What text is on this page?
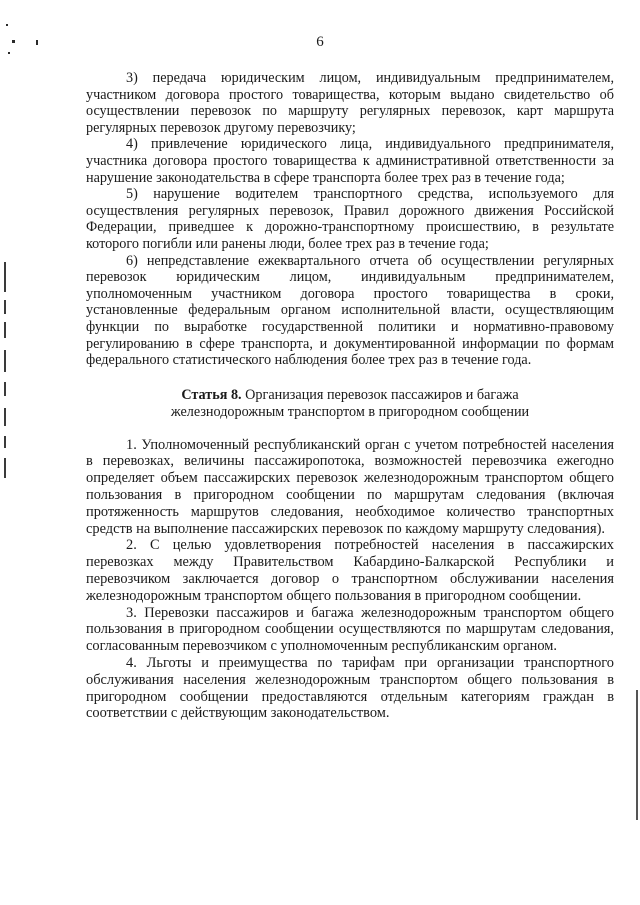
6

3) передача юридическим лицом, индивидуальным предпринимателем, участником договора простого товарищества, которым выдано свидетельство об осуществлении перевозок по маршруту регулярных перевозок, карт маршрута регулярных перевозок другому перевозчику;

4) привлечение юридического лица, индивидуального предпринимателя, участника договора простого товарищества к административной ответственности за нарушение законодательства в сфере транспорта более трех раз в течение года;

5) нарушение водителем транспортного средства, используемого для осуществления регулярных перевозок, Правил дорожного движения Российской Федерации, приведшее к дорожно-транспортному происшествию, в результате которого погибли или ранены люди, более трех раз в течение года;

6) непредставление ежеквартального отчета об осуществлении регулярных перевозок юридическим лицом, индивидуальным предпринимателем, уполномоченным участником договора простого товарищества в сроки, установленные федеральным органом исполнительной власти, осуществляющим функции по выработке государственной политики и нормативно-правовому регулированию в сфере транспорта, и документированной информации по формам федерального статистического наблюдения более трех раз в течение года.

Статья 8. Организация перевозок пассажиров и багажа железнодорожным транспортом в пригородном сообщении

1. Уполномоченный республиканский орган с учетом потребностей населения в перевозках, величины пассажиропотока, возможностей перевозчика ежегодно определяет объем пассажирских перевозок железнодорожным транспортом общего пользования в пригородном сообщении по маршрутам следования (включая протяженность маршрутов следования, необходимое количество транспортных средств на выполнение пассажирских перевозок по каждому маршруту следования).

2. С целью удовлетворения потребностей населения в пассажирских перевозках между Правительством Кабардино-Балкарской Республики и перевозчиком заключается договор о транспортном обслуживании населения железнодорожным транспортом общего пользования в пригородном сообщении.

3. Перевозки пассажиров и багажа железнодорожным транспортом общего пользования в пригородном сообщении осуществляются по маршрутам следования, согласованным перевозчиком с уполномоченным республиканским органом.

4. Льготы и преимущества по тарифам при организации транспортного обслуживания населения железнодорожным транспортом общего пользования в пригородном сообщении предоставляются отдельным категориям граждан в соответствии с действующим законодательством.
